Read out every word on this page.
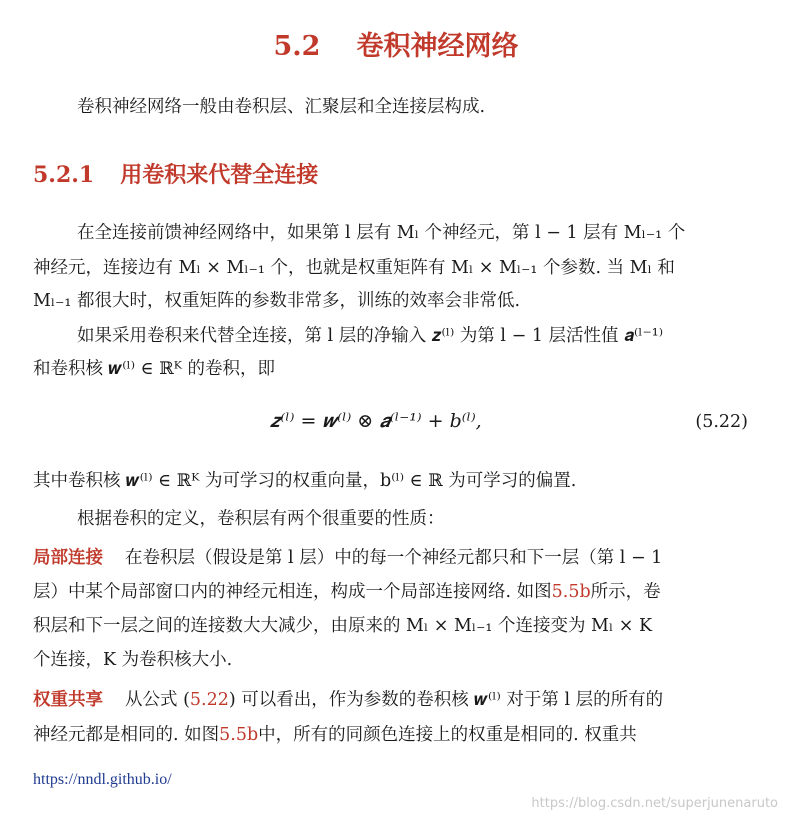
5.2 卷积神经网络

卷积神经网络一般由卷积层、汇聚层和全连接层构成.

5.2.1 用卷积来代替全连接

在全连接前馈神经网络中，如果第 l 层有 Mₗ 个神经元，第 l − 1 层有 Mₗ₋₁ 个

神经元，连接边有 Mₗ × Mₗ₋₁ 个，也就是权重矩阵有 Mₗ × Mₗ₋₁ 个参数. 当 Mₗ 和

Mₗ₋₁ 都很大时，权重矩阵的参数非常多，训练的效率会非常低.

如果采用卷积来代替全连接，第 l 层的净输入 𝒛⁽ˡ⁾ 为第 l − 1 层活性值 𝒂⁽ˡ⁻¹⁾

和卷积核 𝒘⁽ˡ⁾ ∈ ℝᴷ 的卷积，即

𝒛⁽ˡ⁾ = 𝒘⁽ˡ⁾ ⊗ 𝒂⁽ˡ⁻¹⁾ + b⁽ˡ⁾,	(5.22)

其中卷积核 𝒘⁽ˡ⁾ ∈ ℝᴷ 为可学习的权重向量，b⁽ˡ⁾ ∈ ℝ 为可学习的偏置.

根据卷积的定义，卷积层有两个很重要的性质：

局部连接 在卷积层（假设是第 l 层）中的每一个神经元都只和下一层（第 l − 1

层）中某个局部窗口内的神经元相连，构成一个局部连接网络. 如图5.5b所示，卷

积层和下一层之间的连接数大大减少，由原来的 Mₗ × Mₗ₋₁ 个连接变为 Mₗ × K

个连接，K 为卷积核大小.

权重共享 从公式 (5.22) 可以看出，作为参数的卷积核 𝒘⁽ˡ⁾ 对于第 l 层的所有的

神经元都是相同的. 如图5.5b中，所有的同颜色连接上的权重是相同的. 权重共

https://nndl.github.io/
https://blog.csdn.net/superjunenaruto
